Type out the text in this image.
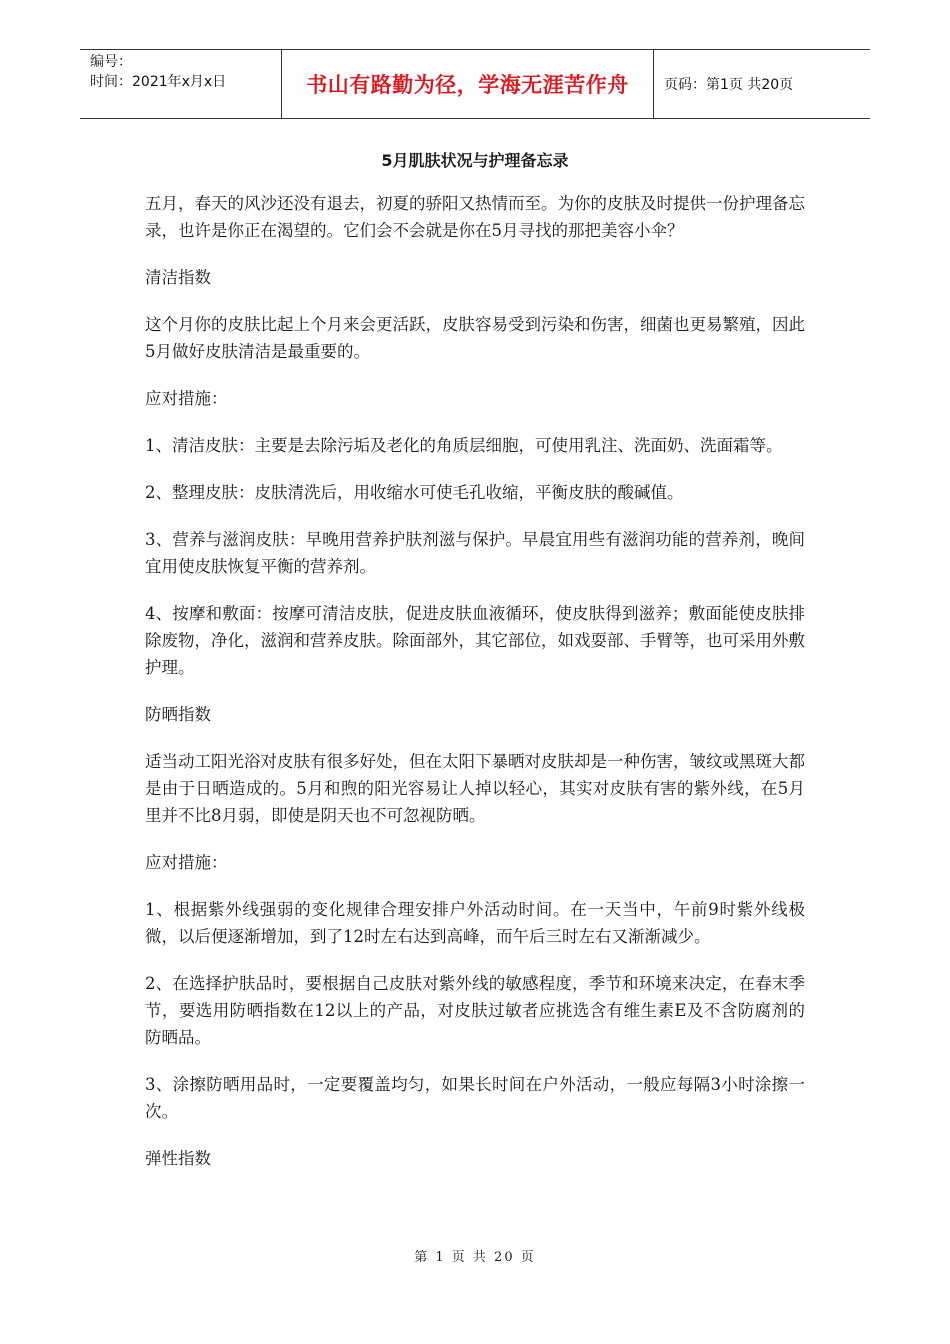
编号：
时间：2021年x月x日	书山有路勤为径，学海无涯苦作舟	页码：第1页 共20页
5月肌肤状况与护理备忘录

五月，春天的风沙还没有退去，初夏的骄阳又热情而至。为你的皮肤及时提供一份护理备忘录，也许是你正在渴望的。它们会不会就是你在5月寻找的那把美容小伞？

清洁指数

这个月你的皮肤比起上个月来会更活跃，皮肤容易受到污染和伤害，细菌也更易繁殖，因此5月做好皮肤清洁是最重要的。

应对措施：

1、清洁皮肤：主要是去除污垢及老化的角质层细胞，可使用乳注、洗面奶、洗面霜等。

2、整理皮肤：皮肤清洗后，用收缩水可使毛孔收缩，平衡皮肤的酸碱值。

3、营养与滋润皮肤：早晚用营养护肤剂滋与保护。早晨宜用些有滋润功能的营养剂，晚间宜用使皮肤恢复平衡的营养剂。

4、按摩和敷面：按摩可清洁皮肤，促进皮肤血液循环，使皮肤得到滋养；敷面能使皮肤排除废物，净化，滋润和营养皮肤。除面部外，其它部位，如戏耍部、手臂等，也可采用外敷护理。

防晒指数

适当动工阳光浴对皮肤有很多好处，但在太阳下暴晒对皮肤却是一种伤害，皱纹或黑斑大都是由于日晒造成的。5月和煦的阳光容易让人掉以轻心，其实对皮肤有害的紫外线，在5月里并不比8月弱，即使是阴天也不可忽视防晒。

应对措施：

1、根据紫外线强弱的变化规律合理安排户外活动时间。在一天当中，午前9时紫外线极微，以后便逐渐增加，到了12时左右达到高峰，而午后三时左右又渐渐减少。

2、在选择护肤品时，要根据自己皮肤对紫外线的敏感程度，季节和环境来决定，在春末季节，要选用防晒指数在12以上的产品，对皮肤过敏者应挑选含有维生素E及不含防腐剂的防晒品。

3、涂擦防晒用品时，一定要覆盖均匀，如果长时间在户外活动，一般应每隔3小时涂擦一次。

弹性指数

第 1 页 共 20 页
